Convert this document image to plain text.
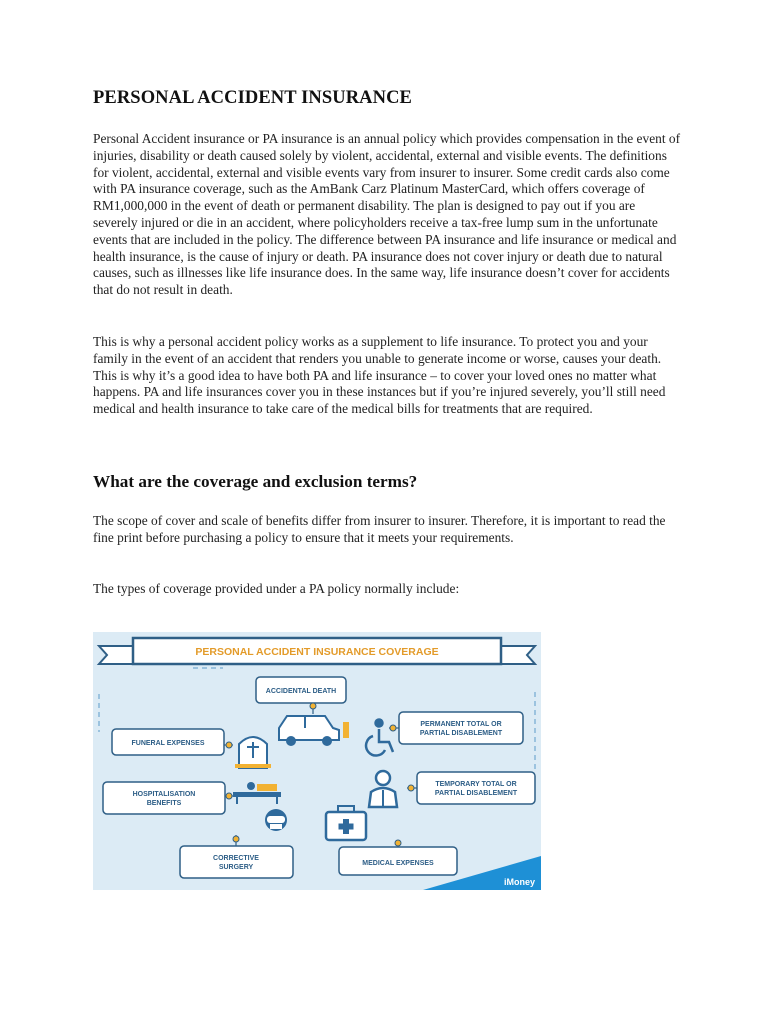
PERSONAL ACCIDENT INSURANCE

Personal Accident insurance or PA insurance is an annual policy which provides compensation in the event of injuries, disability or death caused solely by violent, accidental, external and visible events. The definitions for violent, accidental, external and visible events vary from insurer to insurer. Some credit cards also come with PA insurance coverage, such as the AmBank Carz Platinum MasterCard, which offers coverage of RM1,000,000 in the event of death or permanent disability. The plan is designed to pay out if you are severely injured or die in an accident, where policyholders receive a tax-free lump sum in the unfortunate events that are included in the policy. The difference between PA insurance and life insurance or medical and health insurance, is the cause of injury or death. PA insurance does not cover injury or death due to natural causes, such as illnesses like life insurance does. In the same way, life insurance doesn’t cover for accidents that do not result in death.

This is why a personal accident policy works as a supplement to life insurance. To protect you and your family in the event of an accident that renders you unable to generate income or worse, causes your death. This is why it’s a good idea to have both PA and life insurance – to cover your loved ones no matter what happens. PA and life insurances cover you in these instances but if you’re injured severely, you’ll still need medical and health insurance to take care of the medical bills for treatments that are required.

What are the coverage and exclusion terms?

The scope of cover and scale of benefits differ from insurer to insurer. Therefore, it is important to read the fine print before purchasing a policy to ensure that it meets your requirements.

The types of coverage provided under a PA policy normally include:

PERSONAL ACCIDENT INSURANCE COVERAGE
ACCIDENTAL DEATH
PERMANENT TOTAL OR
PARTIAL DISABLEMENT
FUNERAL EXPENSES
TEMPORARY TOTAL OR
PARTIAL DISABLEMENT
HOSPITALISATION
BENEFITS
CORRECTIVE
SURGERY
MEDICAL EXPENSES
iMoney
